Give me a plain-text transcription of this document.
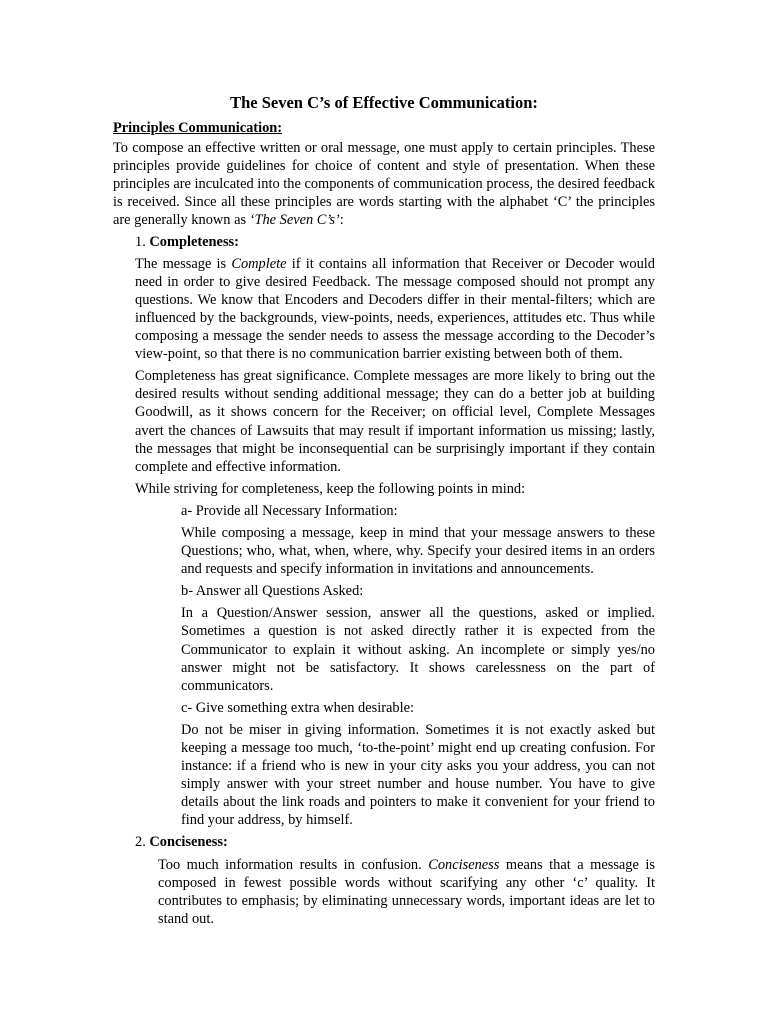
The Seven C’s of Effective Communication:
Principles Communication:

To compose an effective written or oral message, one must apply to certain principles. These principles provide guidelines for choice of content and style of presentation. When these principles are inculcated into the components of communication process, the desired feedback is received. Since all these principles are words starting with the alphabet ‘C’ the principles are generally known as ‘The Seven C’s’:

1. Completeness:

The message is Complete if it contains all information that Receiver or Decoder would need in order to give desired Feedback. The message composed should not prompt any questions. We know that Encoders and Decoders differ in their mental-filters; which are influenced by the backgrounds, view-points, needs, experiences, attitudes etc. Thus while composing a message the sender needs to assess the message according to the Decoder’s view-point, so that there is no communication barrier existing between both of them.

Completeness has great significance. Complete messages are more likely to bring out the desired results without sending additional message; they can do a better job at building Goodwill, as it shows concern for the Receiver; on official level, Complete Messages avert the chances of Lawsuits that may result if important information us missing; lastly, the messages that might be inconsequential can be surprisingly important if they contain complete and effective information.

While striving for completeness, keep the following points in mind:

a- Provide all Necessary Information:

While composing a message, keep in mind that your message answers to these Questions; who, what, when, where, why. Specify your desired items in an orders and requests and specify information in invitations and announcements.

b- Answer all Questions Asked:

In a Question/Answer session, answer all the questions, asked or implied. Sometimes a question is not asked directly rather it is expected from the Communicator to explain it without asking. An incomplete or simply yes/no answer might not be satisfactory. It shows carelessness on the part of communicators.

c- Give something extra when desirable:

Do not be miser in giving information. Sometimes it is not exactly asked but keeping a message too much, ‘to-the-point’ might end up creating confusion. For instance: if a friend who is new in your city asks you your address, you can not simply answer with your street number and house number. You have to give details about the link roads and pointers to make it convenient for your friend to find your address, by himself.

2. Conciseness:

Too much information results in confusion. Conciseness means that a message is composed in fewest possible words without scarifying any other ‘c’ quality. It contributes to emphasis; by eliminating unnecessary words, important ideas are let to stand out.
